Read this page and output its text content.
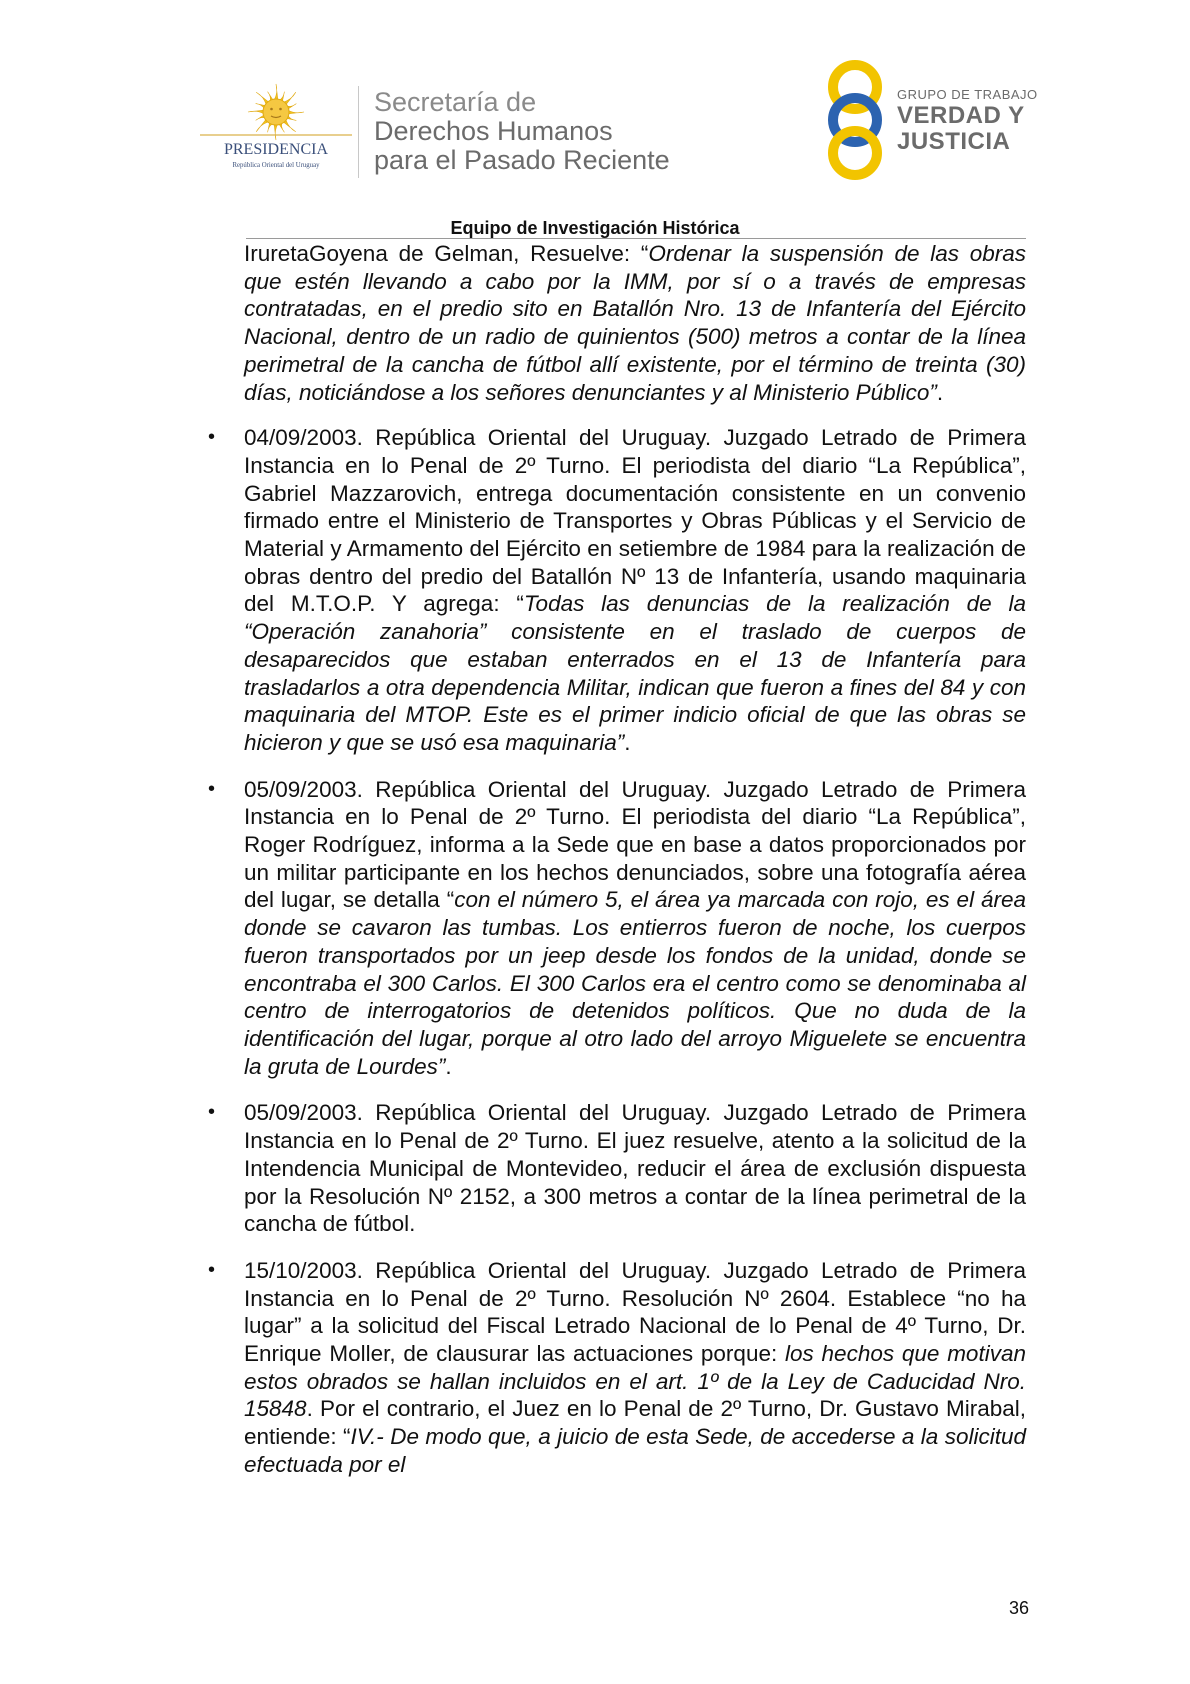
PRESIDENCIA
República Oriental del Uruguay
Secretaría de
Derechos Humanos
para el Pasado Reciente
GRUPO DE TRABAJO
VERDAD Y
JUSTICIA
Equipo de Investigación Histórica

IruretaGoyena de Gelman, Resuelve: “Ordenar la suspensión de las obras que estén llevando a cabo por la IMM, por sí o a través de empresas contratadas, en el predio sito en Batallón Nro. 13 de Infantería del Ejército Nacional, dentro de un radio de quinientos (500) metros a contar de la línea perimetral de la cancha de fútbol allí existente, por el término de treinta (30) días, noticiándose a los señores denunciantes y al Ministerio Público”.

• 04/09/2003. República Oriental del Uruguay. Juzgado Letrado de Primera Instancia en lo Penal de 2º Turno. El periodista del diario “La República”, Gabriel Mazzarovich, entrega documentación consistente en un convenio firmado entre el Ministerio de Transportes y Obras Públicas y el Servicio de Material y Armamento del Ejército en setiembre de 1984 para la realización de obras dentro del predio del Batallón Nº 13 de Infantería, usando maquinaria del M.T.O.P. Y agrega: “Todas las denuncias de la realización de la “Operación zanahoria” consistente en el traslado de cuerpos de desaparecidos que estaban enterrados en el 13 de Infantería para trasladarlos a otra dependencia Militar, indican que fueron a fines del 84 y con maquinaria del MTOP. Este es el primer indicio oficial de que las obras se hicieron y que se usó esa maquinaria”.

• 05/09/2003. República Oriental del Uruguay. Juzgado Letrado de Primera Instancia en lo Penal de 2º Turno. El periodista del diario “La República”, Roger Rodríguez, informa a la Sede que en base a datos proporcionados por un militar participante en los hechos denunciados, sobre una fotografía aérea del lugar, se detalla “con el número 5, el área ya marcada con rojo, es el área donde se cavaron las tumbas. Los entierros fueron de noche, los cuerpos fueron transportados por un jeep desde los fondos de la unidad, donde se encontraba el 300 Carlos. El 300 Carlos era el centro como se denominaba al centro de interrogatorios de detenidos políticos. Que no duda de la identificación del lugar, porque al otro lado del arroyo Miguelete se encuentra la gruta de Lourdes”.

• 05/09/2003. República Oriental del Uruguay. Juzgado Letrado de Primera Instancia en lo Penal de 2º Turno. El juez resuelve, atento a la solicitud de la Intendencia Municipal de Montevideo, reducir el área de exclusión dispuesta por la Resolución Nº 2152, a 300 metros a contar de la línea perimetral de la cancha de fútbol.

• 15/10/2003. República Oriental del Uruguay. Juzgado Letrado de Primera Instancia en lo Penal de 2º Turno. Resolución Nº 2604. Establece “no ha lugar” a la solicitud del Fiscal Letrado Nacional de lo Penal de 4º Turno, Dr. Enrique Moller, de clausurar las actuaciones porque: los hechos que motivan estos obrados se hallan incluidos en el art. 1º de la Ley de Caducidad Nro. 15848. Por el contrario, el Juez en lo Penal de 2º Turno, Dr. Gustavo Mirabal, entiende: “IV.- De modo que, a juicio de esta Sede, de accederse a la solicitud efectuada por el

36
